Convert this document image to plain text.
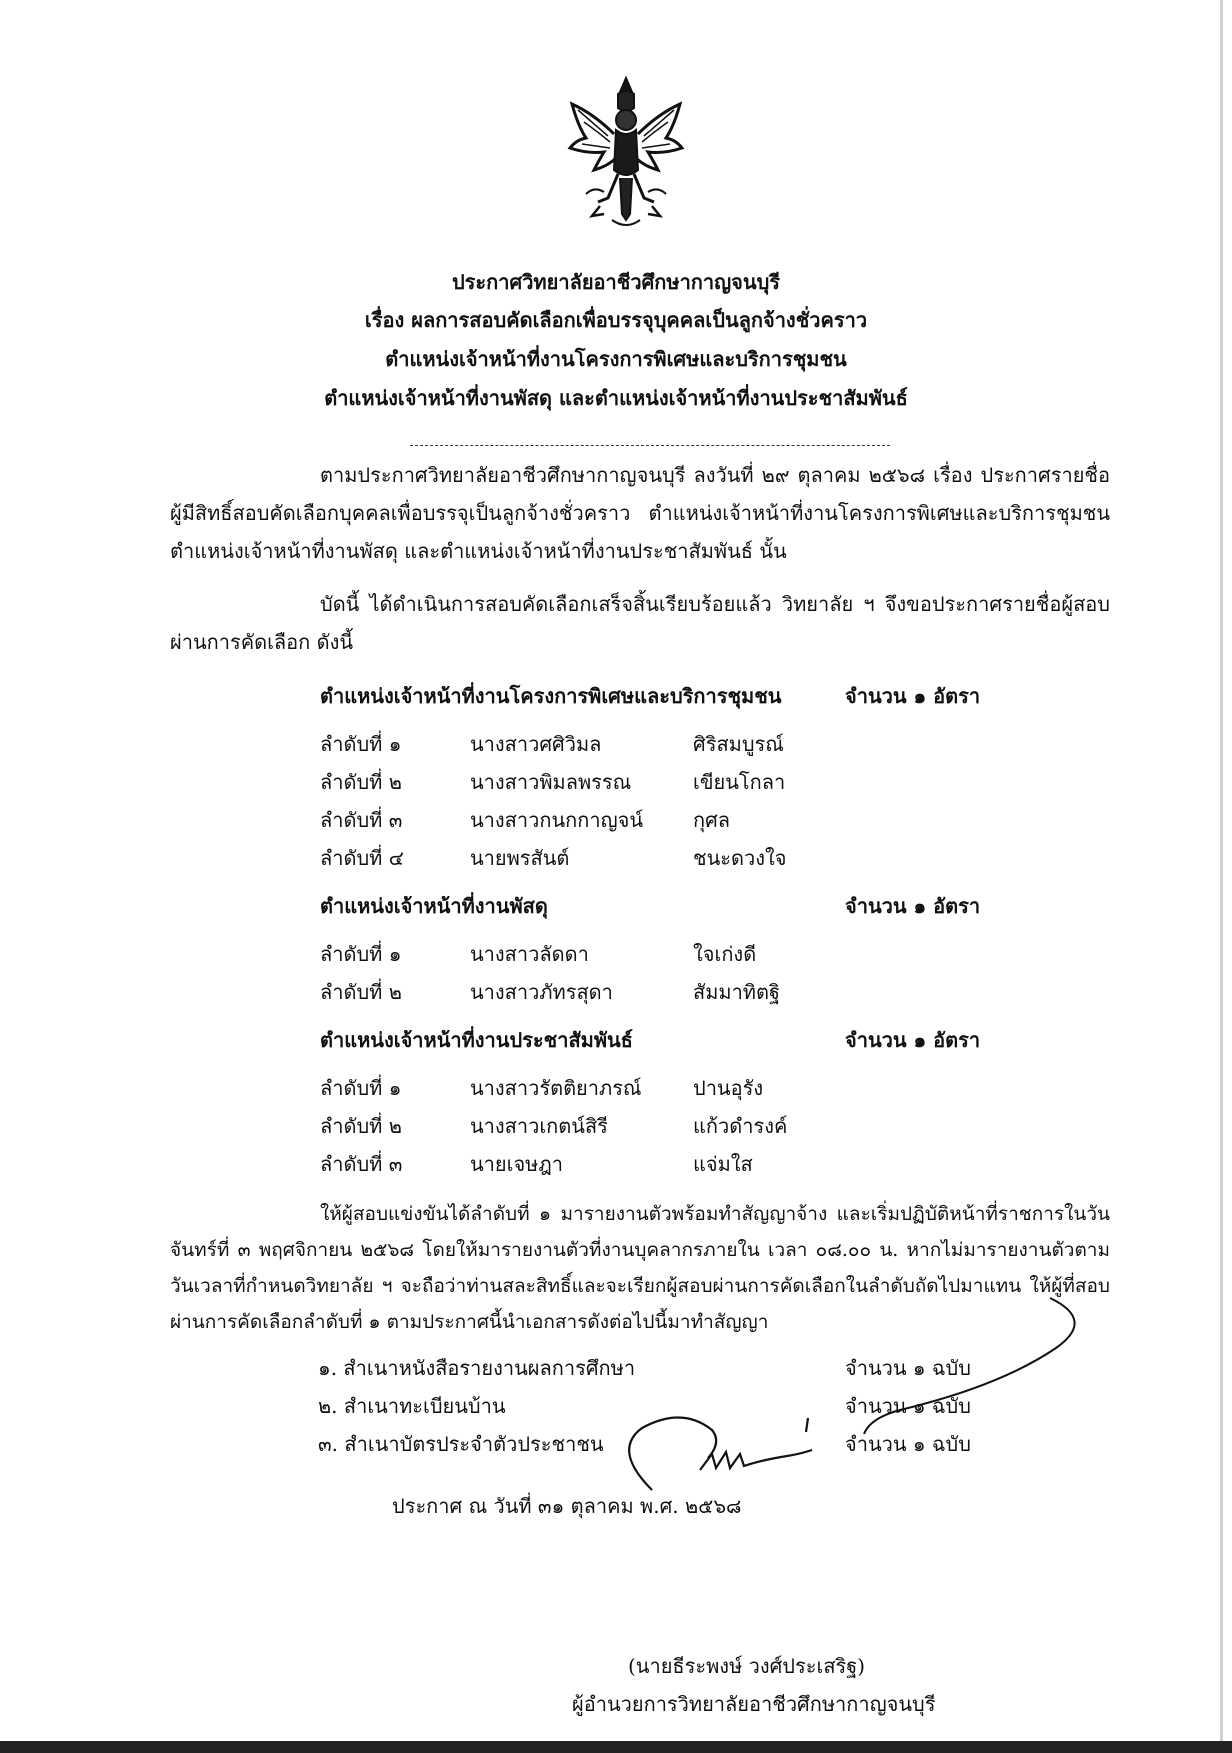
ประกาศวิทยาลัยอาชีวศึกษากาญจนบุรี
เรื่อง ผลการสอบคัดเลือกเพื่อบรรจุบุคคลเป็นลูกจ้างชั่วคราว
ตำแหน่งเจ้าหน้าที่งานโครงการพิเศษและบริการชุมชน
ตำแหน่งเจ้าหน้าที่งานพัสดุ และตำแหน่งเจ้าหน้าที่งานประชาสัมพันธ์

ตามประกาศวิทยาลัยอาชีวศึกษากาญจนบุรี ลงวันที่ ๒๙ ตุลาคม ๒๕๖๘ เรื่อง ประกาศรายชื่อผู้มีสิทธิ์สอบคัดเลือกบุคคลเพื่อบรรจุเป็นลูกจ้างชั่วคราว ตำแหน่งเจ้าหน้าที่งานโครงการพิเศษและบริการชุมชน ตำแหน่งเจ้าหน้าที่งานพัสดุ และตำแหน่งเจ้าหน้าที่งานประชาสัมพันธ์ นั้น

บัดนี้ ได้ดำเนินการสอบคัดเลือกเสร็จสิ้นเรียบร้อยแล้ว วิทยาลัย ฯ จึงขอประกาศรายชื่อผู้สอบผ่านการคัดเลือก ดังนี้

ตำแหน่งเจ้าหน้าที่งานโครงการพิเศษและบริการชุมชน	จำนวน ๑ อัตรา
ลำดับที่ ๑	นางสาวศศิวิมล	ศิริสมบูรณ์
ลำดับที่ ๒	นางสาวพิมลพรรณ	เขียนโกลา
ลำดับที่ ๓	นางสาวกนกกาญจน์	กุศล
ลำดับที่ ๔	นายพรสันต์	ชนะดวงใจ
ตำแหน่งเจ้าหน้าที่งานพัสดุ	จำนวน ๑ อัตรา
ลำดับที่ ๑	นางสาวลัดดา	ใจเก่งดี
ลำดับที่ ๒	นางสาวภัทรสุดา	สัมมาทิตฐิ
ตำแหน่งเจ้าหน้าที่งานประชาสัมพันธ์	จำนวน ๑ อัตรา
ลำดับที่ ๑	นางสาวรัตติยาภรณ์	ปานอุรัง
ลำดับที่ ๒	นางสาวเกตน์สิรี	แก้วดำรงค์
ลำดับที่ ๓	นายเจษฎา	แจ่มใส

ให้ผู้สอบแข่งขันได้ลำดับที่ ๑ มารายงานตัวพร้อมทำสัญญาจ้าง และเริ่มปฏิบัติหน้าที่ราชการในวันจันทร์ที่ ๓ พฤศจิกายน ๒๕๖๘ โดยให้มารายงานตัวที่งานบุคลากรภายใน เวลา ๐๘.๐๐ น. หากไม่มารายงานตัวตามวันเวลาที่กำหนดวิทยาลัย ฯ จะถือว่าท่านสละสิทธิ์และจะเรียกผู้สอบผ่านการคัดเลือกในลำดับถัดไปมาแทน ให้ผู้ที่สอบผ่านการคัดเลือกลำดับที่ ๑ ตามประกาศนี้นำเอกสารดังต่อไปนี้มาทำสัญญา

๑. สำเนาหนังสือรายงานผลการศึกษา	จำนวน ๑ ฉบับ
๒. สำเนาทะเบียนบ้าน	จำนวน ๑ ฉบับ
๓. สำเนาบัตรประจำตัวประชาชน	จำนวน ๑ ฉบับ
ประกาศ ณ วันที่ ๓๑ ตุลาคม พ.ศ. ๒๕๖๘
(นายธีระพงษ์ วงศ์ประเสริฐ)
ผู้อำนวยการวิทยาลัยอาชีวศึกษากาญจนบุรี
